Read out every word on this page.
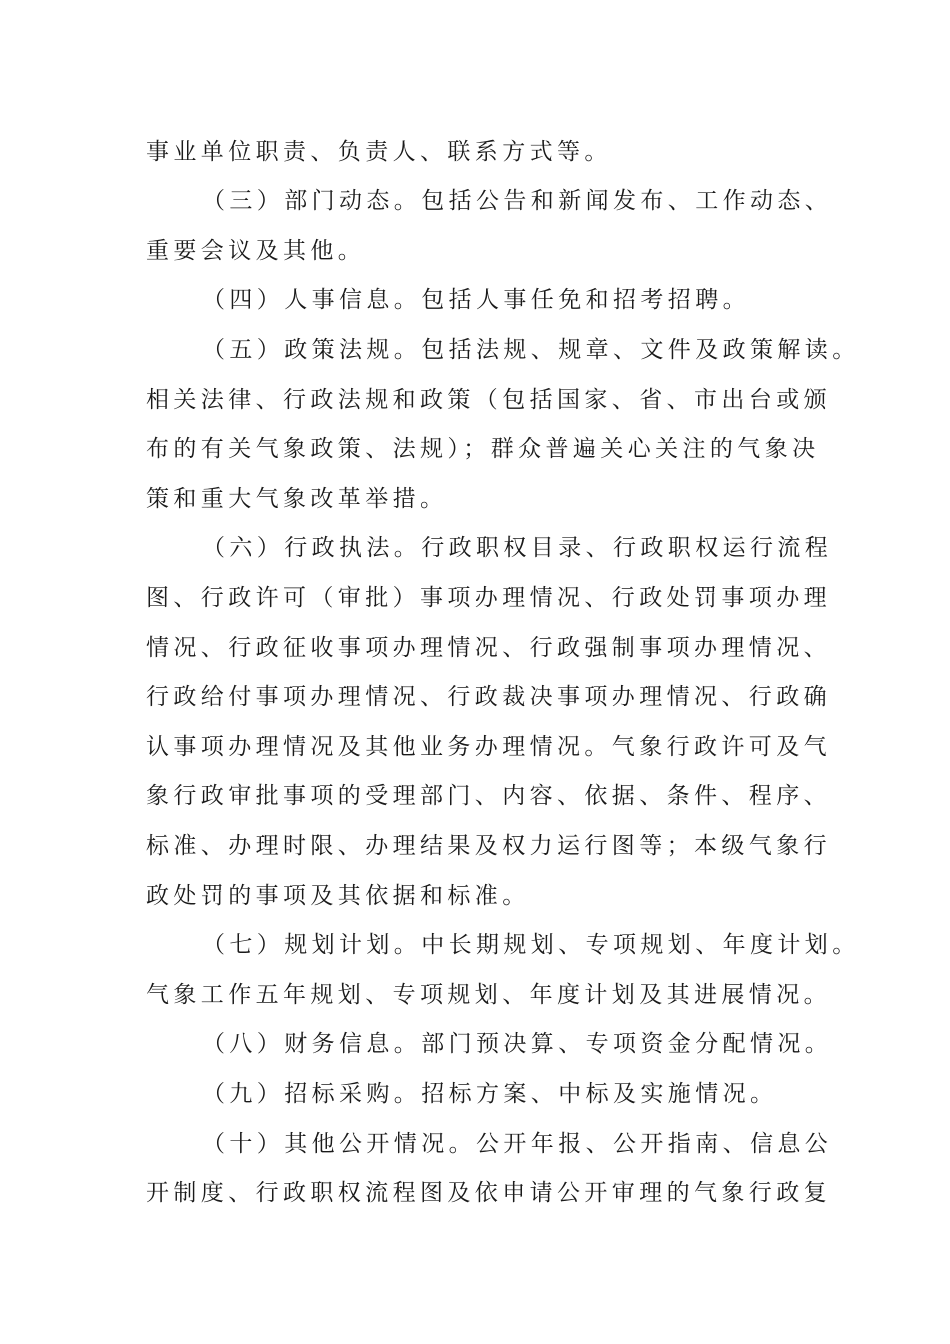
事业单位职责、负责人、联系方式等。
（三）部门动态。包括公告和新闻发布、工作动态、
重要会议及其他。
（四）人事信息。包括人事任免和招考招聘。
（五）政策法规。包括法规、规章、文件及政策解读。
相关法律、行政法规和政策（包括国家、省、市出台或颁
布的有关气象政策、法规）；群众普遍关心关注的气象决
策和重大气象改革举措。
（六）行政执法。行政职权目录、行政职权运行流程
图、行政许可（审批）事项办理情况、行政处罚事项办理
情况、行政征收事项办理情况、行政强制事项办理情况、
行政给付事项办理情况、行政裁决事项办理情况、行政确
认事项办理情况及其他业务办理情况。气象行政许可及气
象行政审批事项的受理部门、内容、依据、条件、程序、
标准、办理时限、办理结果及权力运行图等；本级气象行
政处罚的事项及其依据和标准。
（七）规划计划。中长期规划、专项规划、年度计划。
气象工作五年规划、专项规划、年度计划及其进展情况。
（八）财务信息。部门预决算、专项资金分配情况。
（九）招标采购。招标方案、中标及实施情况。
（十）其他公开情况。公开年报、公开指南、信息公
开制度、行政职权流程图及依申请公开审理的气象行政复
